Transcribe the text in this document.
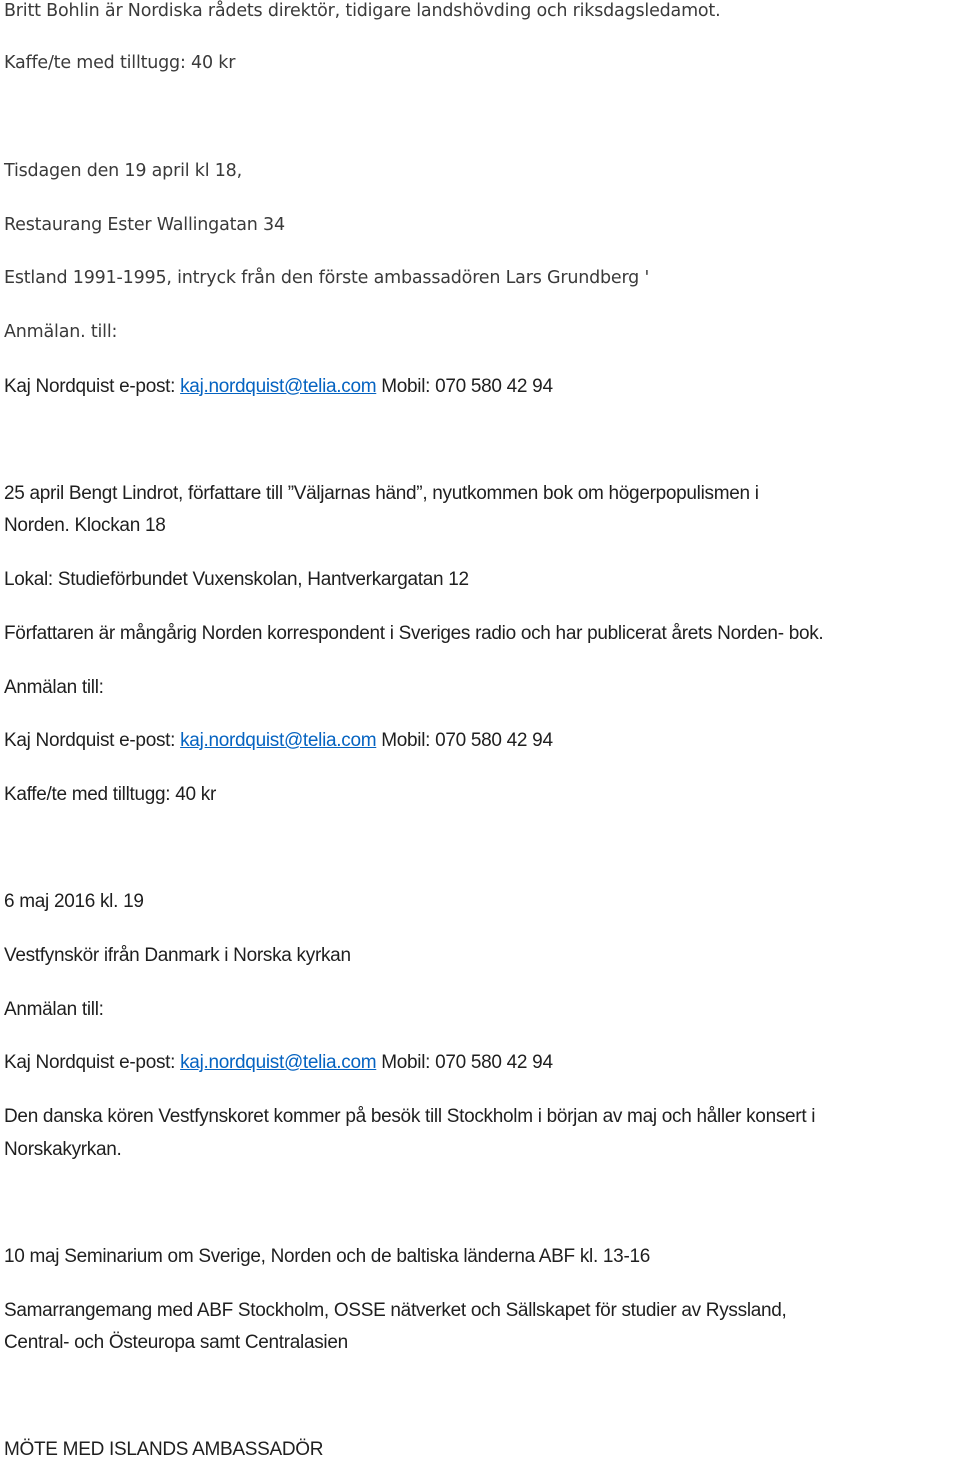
Britt Bohlin är Nordiska rådets direktör, tidigare landshövding och riksdagsledamot.

Kaffe/te med tilltugg: 40 kr

Tisdagen den 19 april kl 18,

Restaurang Ester Wallingatan 34

Estland 1991-1995, intryck från den förste ambassadören Lars Grundberg '

Anmälan. till:

Kaj Nordquist e-post: kaj.nordquist@telia.com Mobil: 070 580 42 94

25 april Bengt Lindrot, författare till ”Väljarnas händ”, nyutkommen bok om högerpopulismen i

Norden. Klockan 18

Lokal: Studieförbundet Vuxenskolan, Hantverkargatan 12

Författaren är mångårig Norden korrespondent i Sveriges radio och har publicerat årets Norden- bok.

Anmälan till:

Kaj Nordquist e-post: kaj.nordquist@telia.com Mobil: 070 580 42 94

Kaffe/te med tilltugg: 40 kr

6 maj 2016 kl. 19

Vestfynskör ifrån Danmark i Norska kyrkan

Anmälan till:

Kaj Nordquist e-post: kaj.nordquist@telia.com Mobil: 070 580 42 94

Den danska kören Vestfynskoret kommer på besök till Stockholm i början av maj och håller konsert i

Norskakyrkan.

10 maj Seminarium om Sverige, Norden och de baltiska länderna ABF kl. 13-16

Samarrangemang med ABF Stockholm, OSSE nätverket och Sällskapet för studier av Ryssland,

Central- och Östeuropa samt Centralasien

MÖTE MED ISLANDS AMBASSADÖR
